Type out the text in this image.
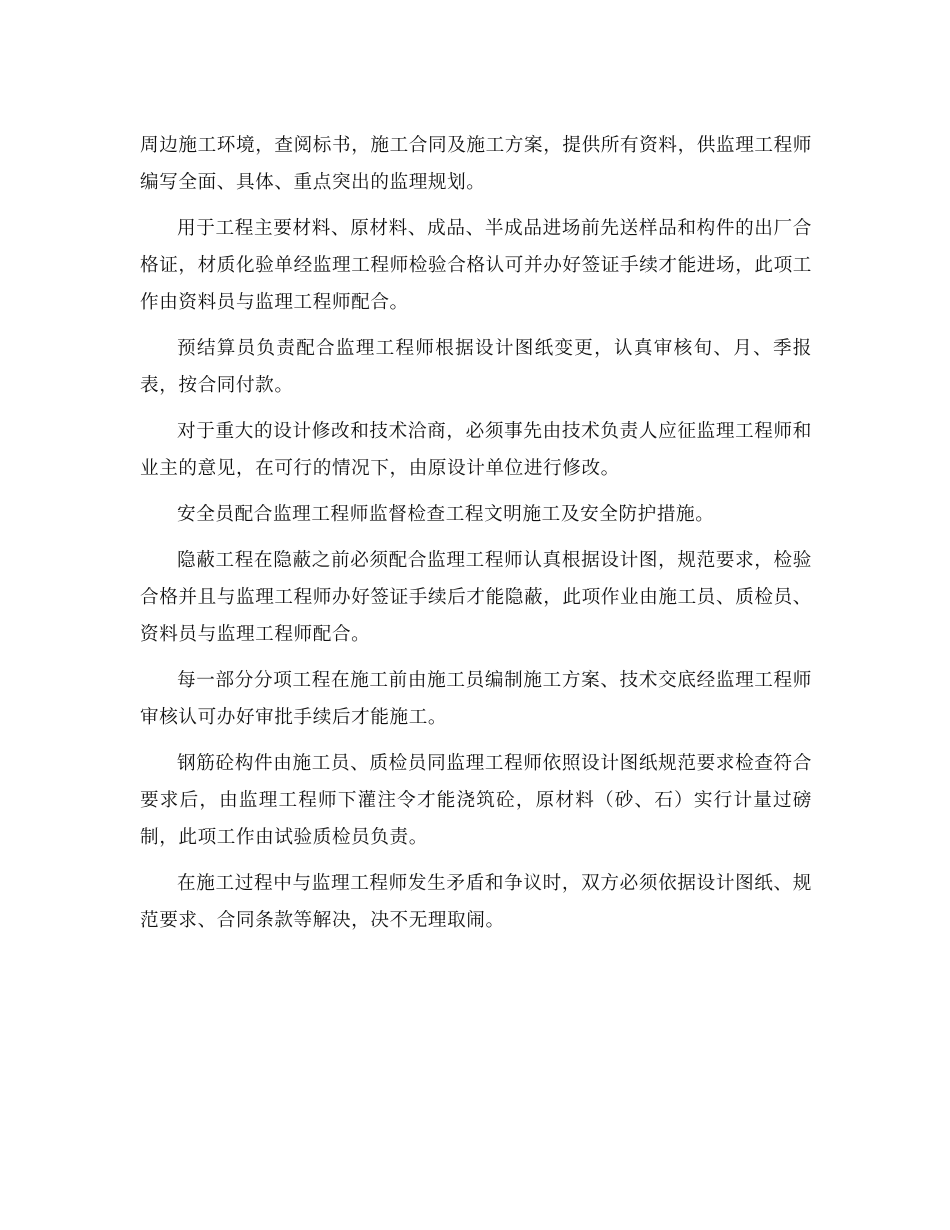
周边施工环境，查阅标书，施工合同及施工方案，提供所有资料，供监理工程师编写全面、具体、重点突出的监理规划。

用于工程主要材料、原材料、成品、半成品进场前先送样品和构件的出厂合格证，材质化验单经监理工程师检验合格认可并办好签证手续才能进场，此项工作由资料员与监理工程师配合。

预结算员负责配合监理工程师根据设计图纸变更，认真审核旬、月、季报表，按合同付款。

对于重大的设计修改和技术洽商，必须事先由技术负责人应征监理工程师和业主的意见，在可行的情况下，由原设计单位进行修改。

安全员配合监理工程师监督检查工程文明施工及安全防护措施。

隐蔽工程在隐蔽之前必须配合监理工程师认真根据设计图，规范要求，检验合格并且与监理工程师办好签证手续后才能隐蔽，此项作业由施工员、质检员、资料员与监理工程师配合。

每一部分分项工程在施工前由施工员编制施工方案、技术交底经监理工程师审核认可办好审批手续后才能施工。

钢筋砼构件由施工员、质检员同监理工程师依照设计图纸规范要求检查符合要求后，由监理工程师下灌注令才能浇筑砼，原材料（砂、石）实行计量过磅制，此项工作由试验质检员负责。

在施工过程中与监理工程师发生矛盾和争议时，双方必须依据设计图纸、规范要求、合同条款等解决，决不无理取闹。
